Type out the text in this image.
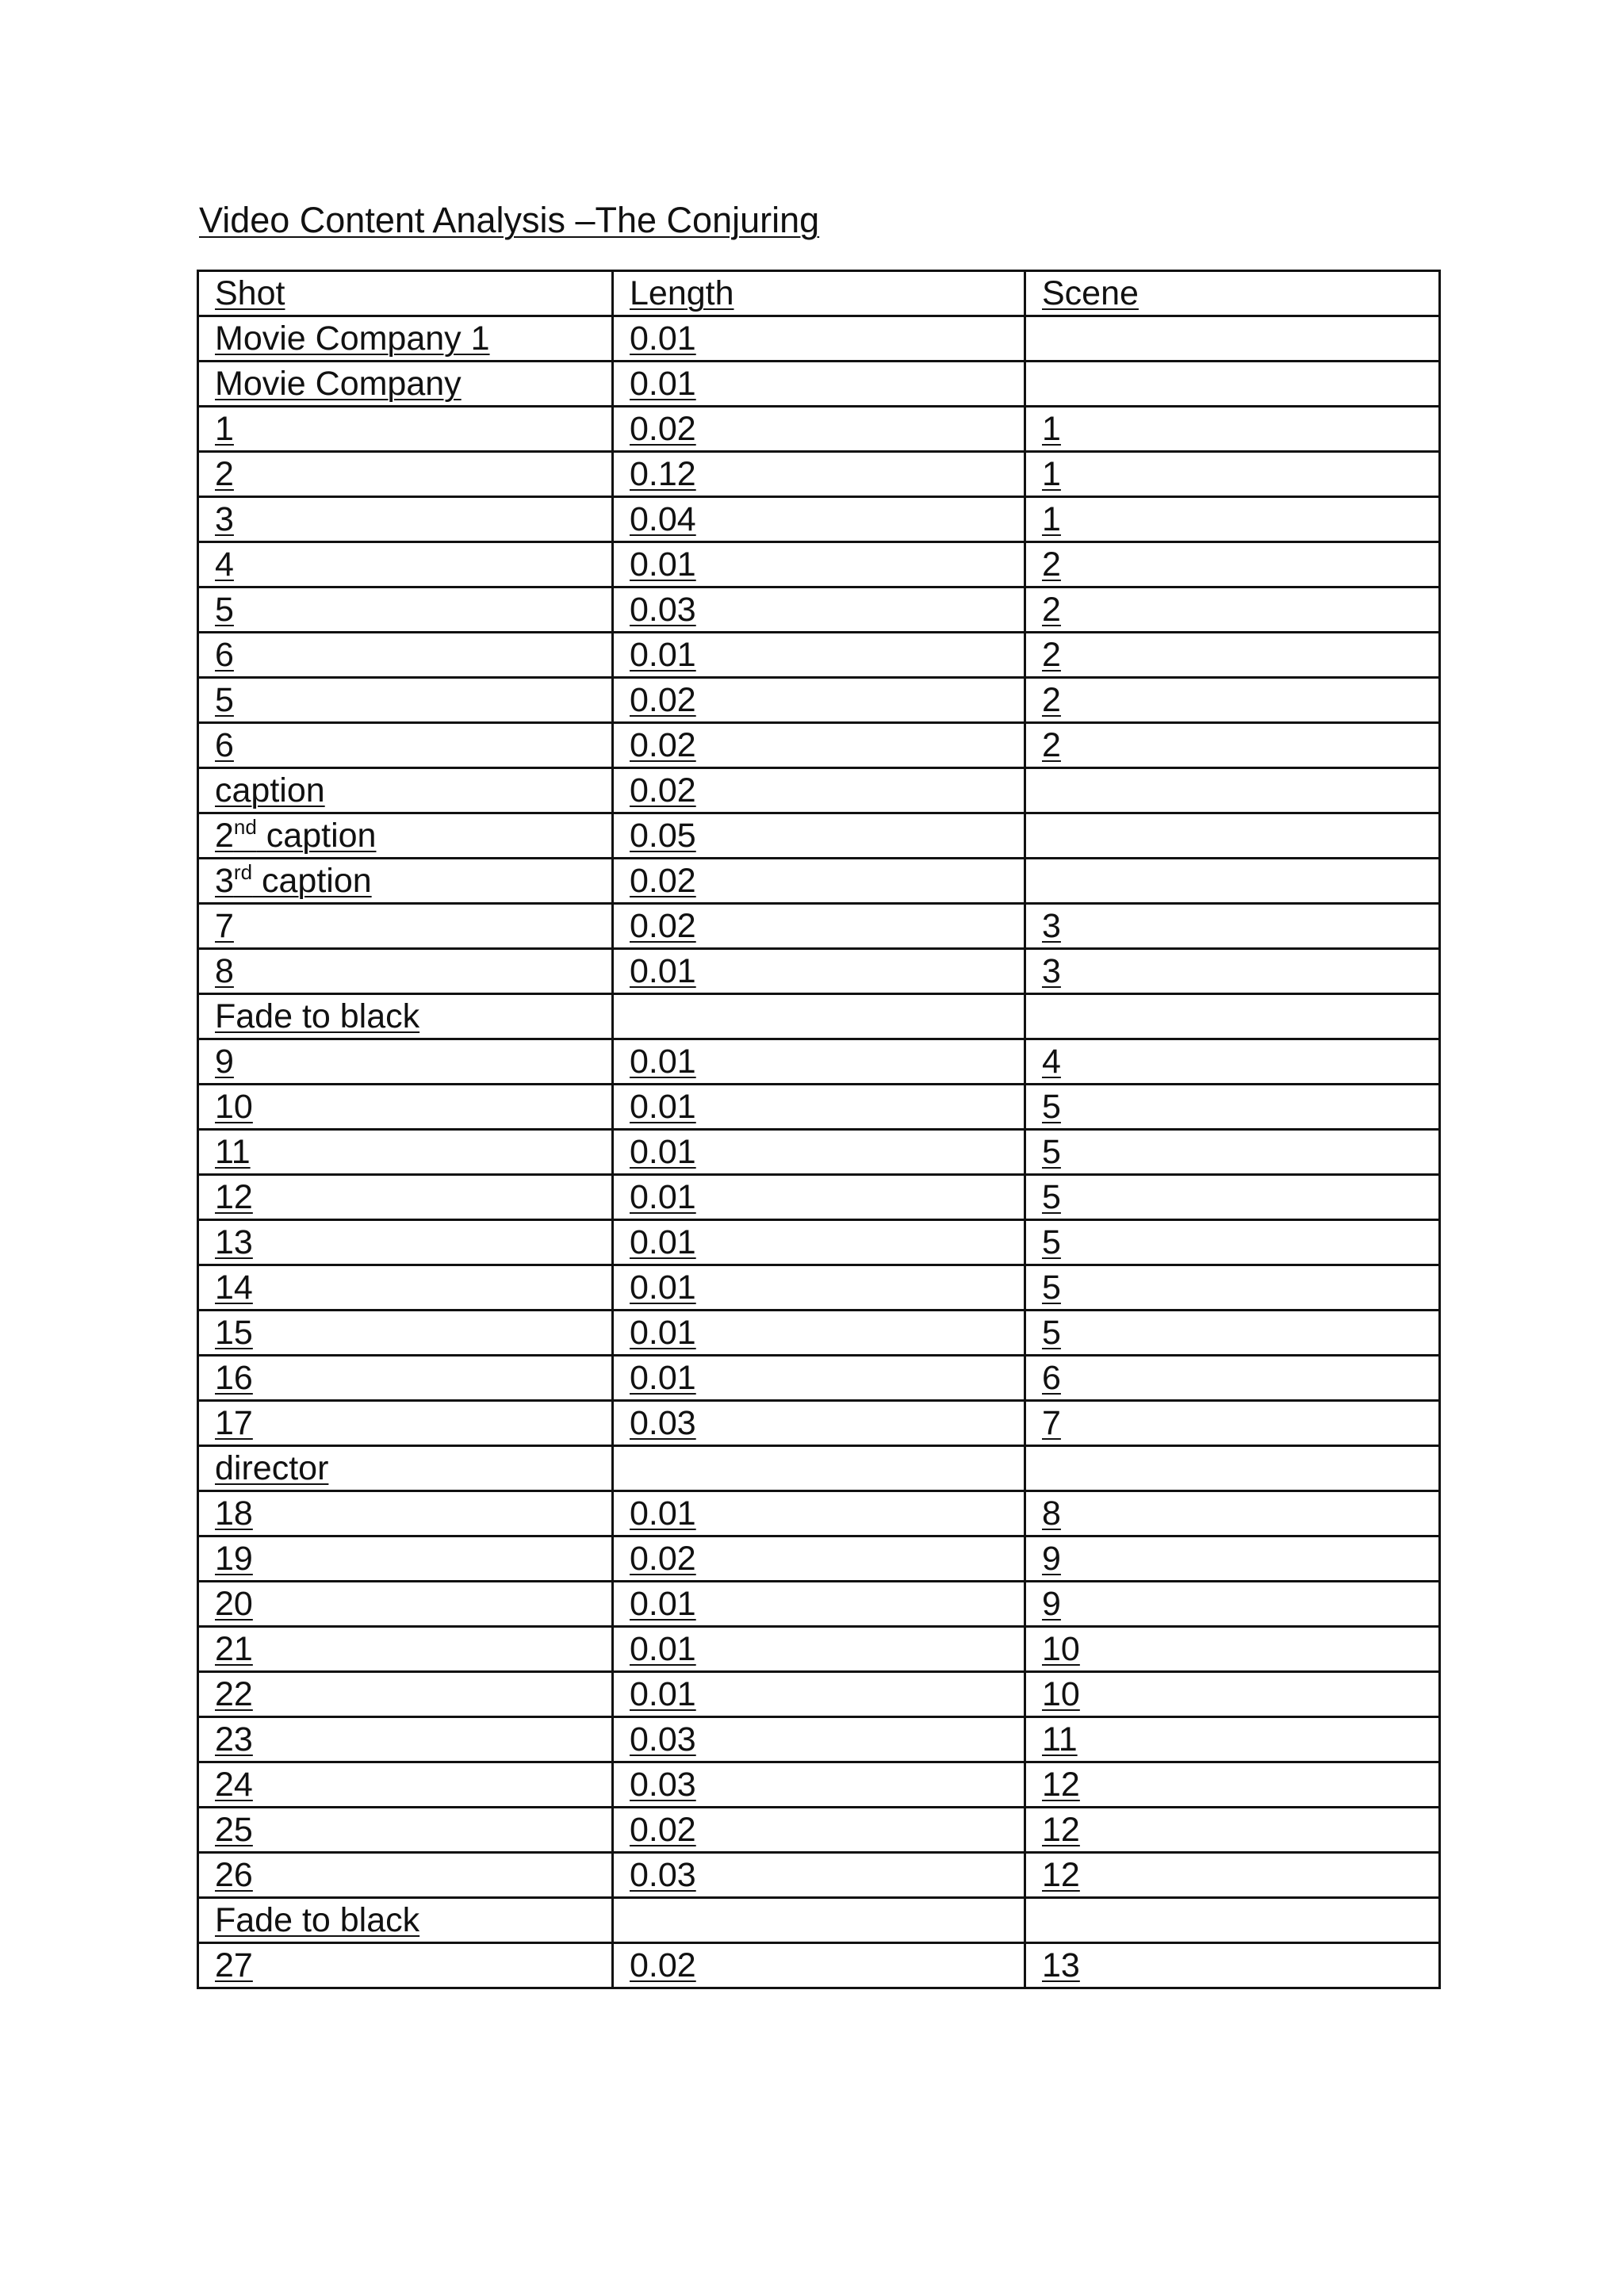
Video Content Analysis –The Conjuring
Shot	Length	Scene
Movie Company 1	0.01	
Movie Company	0.01	
1	0.02	1
2	0.12	1
3	0.04	1
4	0.01	2
5	0.03	2
6	0.01	2
5	0.02	2
6	0.02	2
caption	0.02	
2nd caption	0.05	
3rd caption	0.02	
7	0.02	3
8	0.01	3
Fade to black		
9	0.01	4
10	0.01	5
11	0.01	5
12	0.01	5
13	0.01	5
14	0.01	5
15	0.01	5
16	0.01	6
17	0.03	7
director		
18	0.01	8
19	0.02	9
20	0.01	9
21	0.01	10
22	0.01	10
23	0.03	11
24	0.03	12
25	0.02	12
26	0.03	12
Fade to black		
27	0.02	13
